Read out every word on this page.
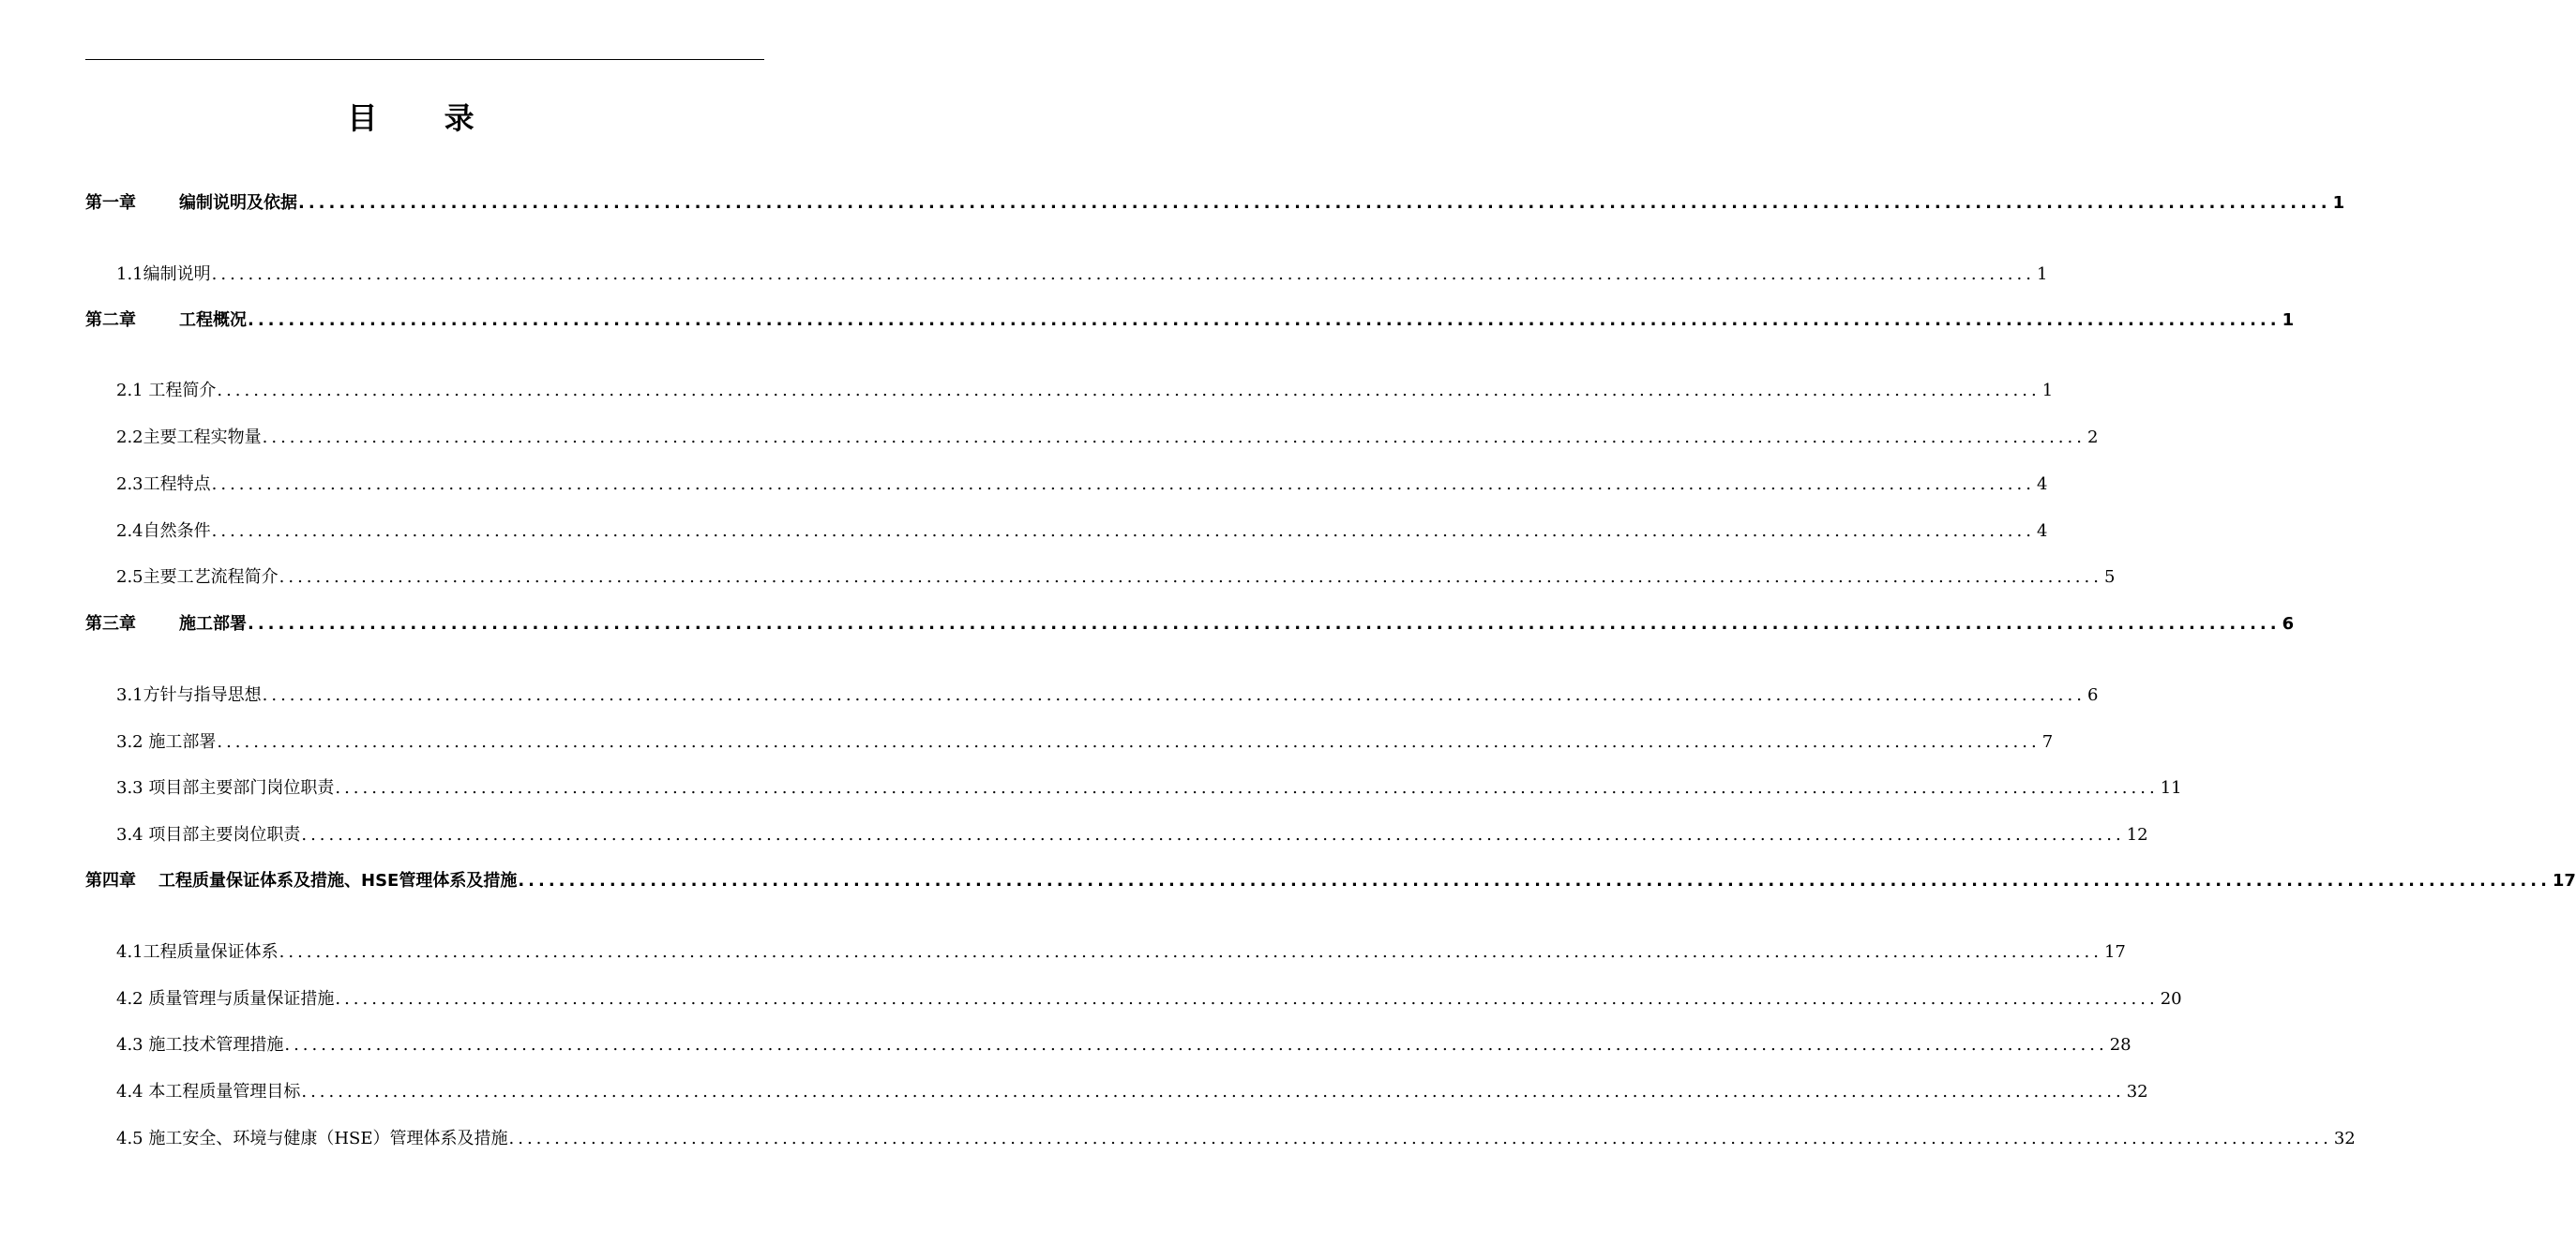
目 录
第一章	编制说明及依据 ........................................................................................................................................................................................................ 1
1.1编制说明 ........................................................................................................................................................................................................ 1
第二章	工程概况 ........................................................................................................................................................................................................ 1
2.1 工程简介 ........................................................................................................................................................................................................ 1
2.2主要工程实物量 ........................................................................................................................................................................................................ 2
2.3工程特点 ........................................................................................................................................................................................................ 4
2.4自然条件 ........................................................................................................................................................................................................ 4
2.5主要工艺流程简介 ........................................................................................................................................................................................................ 5
第三章	施工部署 ........................................................................................................................................................................................................ 6
3.1方针与指导思想 ........................................................................................................................................................................................................ 6
3.2 施工部署 ........................................................................................................................................................................................................ 7
3.3 项目部主要部门岗位职责 ........................................................................................................................................................................................................ 11
3.4 项目部主要岗位职责 ........................................................................................................................................................................................................ 12
第四章 工程质量保证体系及措施、HSE管理体系及措施 ........................................................................................................................................................................................................ 17
4.1工程质量保证体系 ........................................................................................................................................................................................................ 17
4.2 质量管理与质量保证措施 ........................................................................................................................................................................................................ 20
4.3 施工技术管理措施 ........................................................................................................................................................................................................ 28
4.4 本工程质量管理目标 ........................................................................................................................................................................................................ 32
4.5 施工安全、环境与健康（HSE）管理体系及措施 ........................................................................................................................................................................................................ 32
